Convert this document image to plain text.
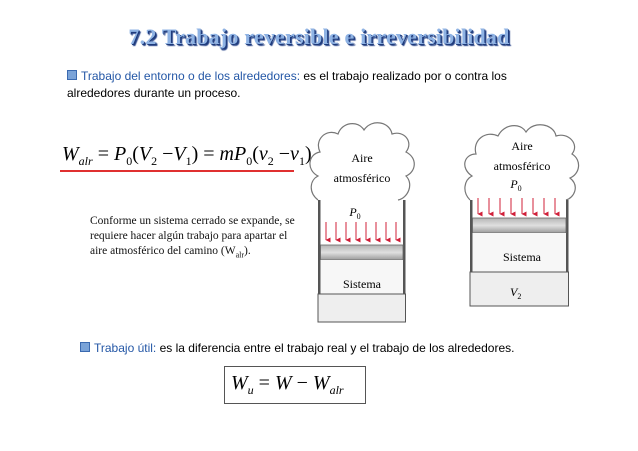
7.2 Trabajo reversible e irreversibilidad
Trabajo del entorno o de los alrededores: es el trabajo realizado por o contra los
alrededores durante un proceso.
$W_{alr} = P_0(V_2 -V_1) = mP_0(v_2 -v_1)$
Conforme un sistema cerrado se expande, se requiere hacer algún trabajo para apartar el aire atmosférico del camino $(W_{alr})$.
Aire
atmosférico
$P_0$
Sistema
Aire
atmosférico
$P_0$
Sistema
$V_2$
Trabajo útil: es la diferencia entre el trabajo real y el trabajo de los alrededores.
$W_u = W - W_{alr}$
